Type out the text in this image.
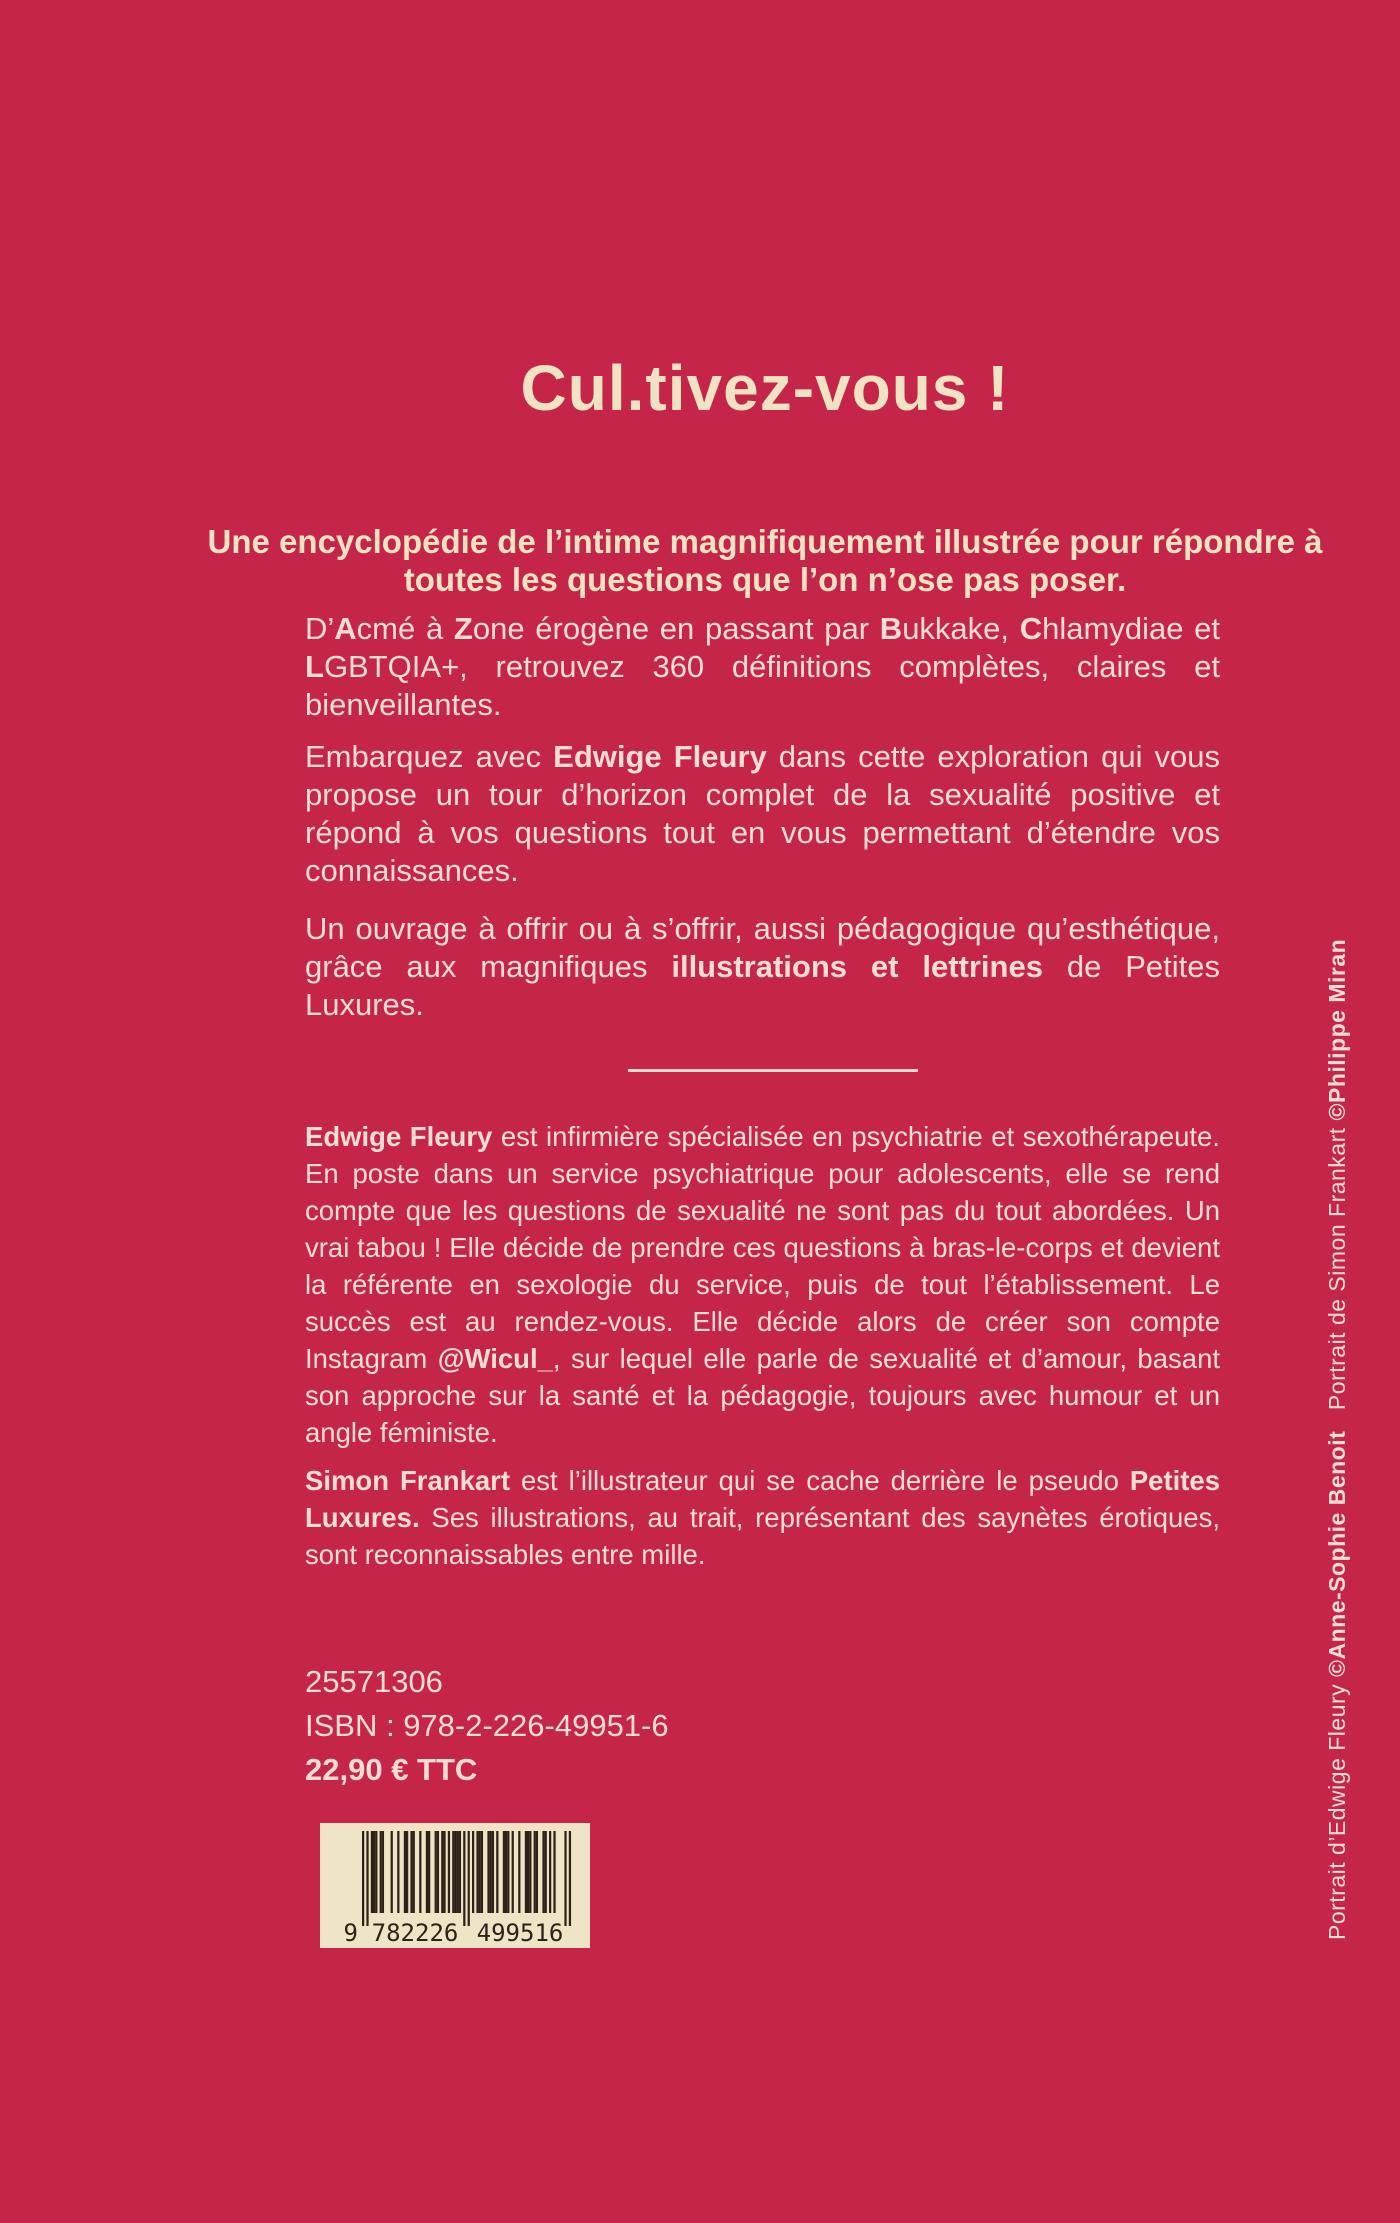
Cul.tivez-vous !

Une encyclopédie de l’intime magnifiquement illustrée pour répondre à toutes les questions que l’on n’ose pas poser.

D’Acmé à Zone érogène en passant par Bukkake, Chlamydiae et LGBTQIA+, retrouvez 360 définitions complètes, claires et bienveillantes.

Embarquez avec Edwige Fleury dans cette exploration qui vous propose un tour d’horizon complet de la sexualité positive et répond à vos questions tout en vous permettant d’étendre vos connaissances.

Un ouvrage à offrir ou à s’offrir, aussi pédagogique qu’esthétique, grâce aux magnifiques illustrations et lettrines de Petites Luxures.

Edwige Fleury est infirmière spécialisée en psychiatrie et sexothérapeute. En poste dans un service psychiatrique pour adolescents, elle se rend compte que les questions de sexualité ne sont pas du tout abordées. Un vrai tabou ! Elle décide de prendre ces questions à bras-le-corps et devient la référente en sexologie du service, puis de tout l’établissement. Le succès est au rendez-vous. Elle décide alors de créer son compte Instagram @Wicul_, sur lequel elle parle de sexualité et d’amour, basant son approche sur la santé et la pédagogie, toujours avec humour et un angle féministe.

Simon Frankart est l’illustrateur qui se cache derrière le pseudo Petites Luxures. Ses illustrations, au trait, représentant des saynètes érotiques, sont reconnaissables entre mille.

25571306
ISBN : 978-2-226-49951-6
22,90 € TTC
9 782226 499516	Portrait d’Edwige Fleury ©Anne-Sophie Benoit   Portrait de Simon Frankart ©Philippe Miran
